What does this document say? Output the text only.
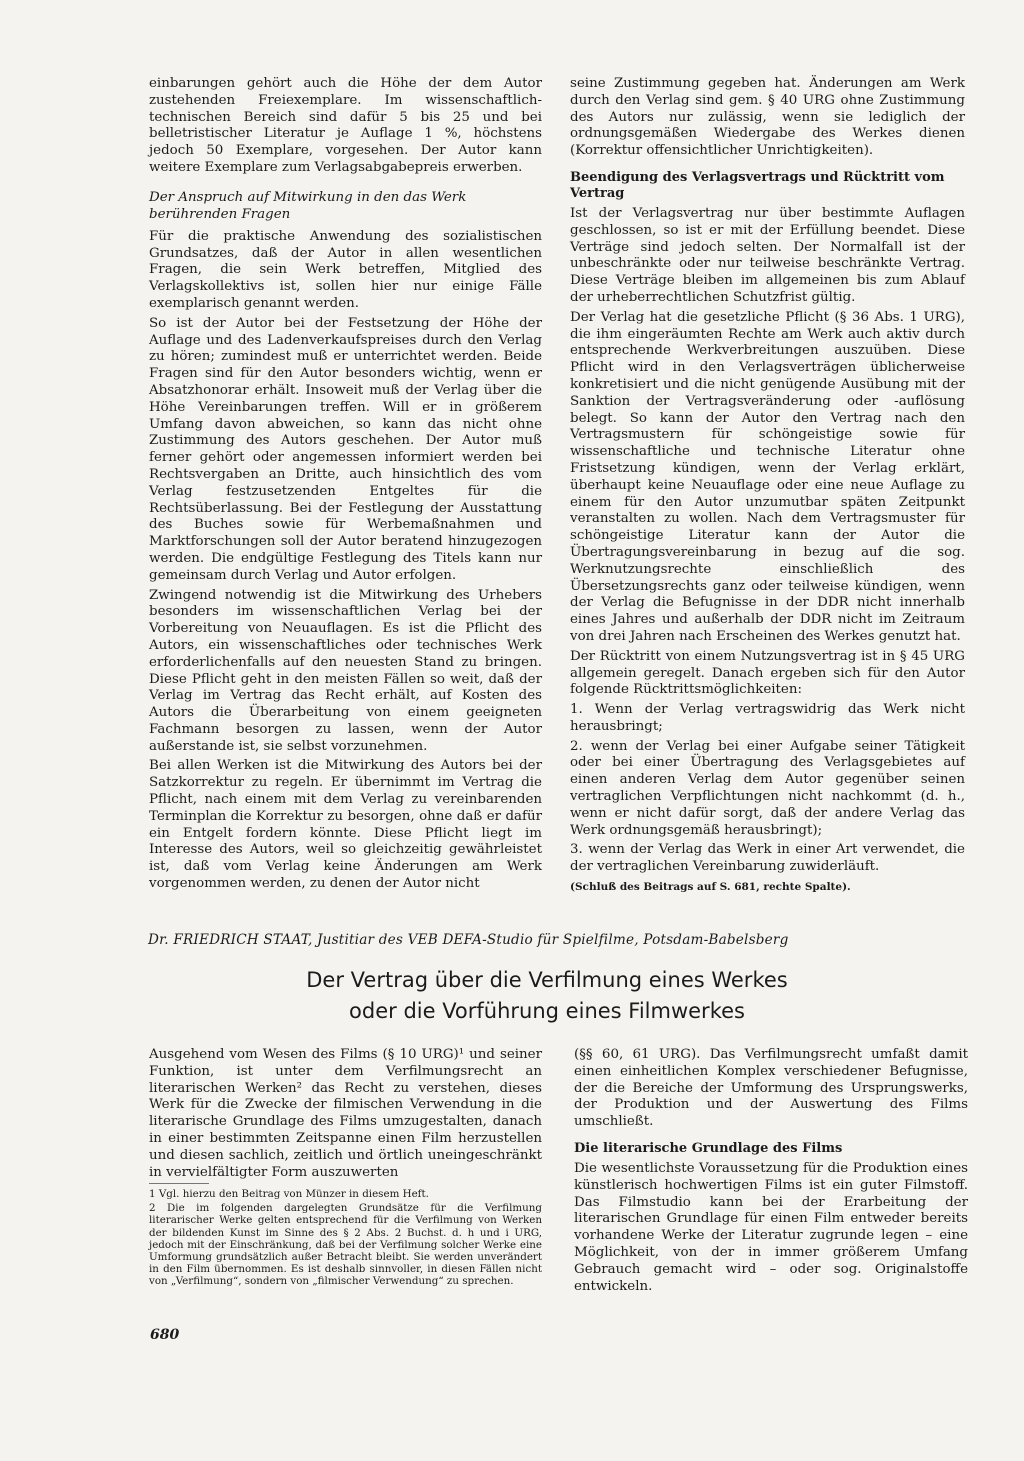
einbarungen gehört auch die Höhe der dem Autor zustehenden Freiexemplare. Im wissenschaftlich-technischen Bereich sind dafür 5 bis 25 und bei belletristischer Literatur je Auflage 1 %, höchstens jedoch 50 Exemplare, vorgesehen. Der Autor kann weitere Exemplare zum Verlagsabgabepreis erwerben.

Der Anspruch auf Mitwirkung in den das Werk berührenden Fragen

Für die praktische Anwendung des sozialistischen Grundsatzes, daß der Autor in allen wesentlichen Fragen, die sein Werk betreffen, Mitglied des Verlagskollektivs ist, sollen hier nur einige Fälle exemplarisch genannt werden.

So ist der Autor bei der Festsetzung der Höhe der Auflage und des Ladenverkaufspreises durch den Verlag zu hören; zumindest muß er unterrichtet werden. Beide Fragen sind für den Autor besonders wichtig, wenn er Absatzhonorar erhält. Insoweit muß der Verlag über die Höhe Vereinbarungen treffen. Will er in größerem Umfang davon abweichen, so kann das nicht ohne Zustimmung des Autors geschehen. Der Autor muß ferner gehört oder angemessen informiert werden bei Rechtsvergaben an Dritte, auch hinsichtlich des vom Verlag festzusetzenden Entgeltes für die Rechtsüberlassung. Bei der Festlegung der Ausstattung des Buches sowie für Werbemaßnahmen und Marktforschungen soll der Autor beratend hinzugezogen werden. Die endgültige Festlegung des Titels kann nur gemeinsam durch Verlag und Autor erfolgen.

Zwingend notwendig ist die Mitwirkung des Urhebers besonders im wissenschaftlichen Verlag bei der Vorbereitung von Neuauflagen. Es ist die Pflicht des Autors, ein wissenschaftliches oder technisches Werk erforderlichenfalls auf den neuesten Stand zu bringen. Diese Pflicht geht in den meisten Fällen so weit, daß der Verlag im Vertrag das Recht erhält, auf Kosten des Autors die Überarbeitung von einem geeigneten Fachmann besorgen zu lassen, wenn der Autor außerstande ist, sie selbst vorzunehmen.

Bei allen Werken ist die Mitwirkung des Autors bei der Satzkorrektur zu regeln. Er übernimmt im Vertrag die Pflicht, nach einem mit dem Verlag zu vereinbarenden Terminplan die Korrektur zu besorgen, ohne daß er dafür ein Entgelt fordern könnte. Diese Pflicht liegt im Interesse des Autors, weil so gleichzeitig gewährleistet ist, daß vom Verlag keine Änderungen am Werk vorgenommen werden, zu denen der Autor nicht

seine Zustimmung gegeben hat. Änderungen am Werk durch den Verlag sind gem. § 40 URG ohne Zustimmung des Autors nur zulässig, wenn sie lediglich der ordnungsgemäßen Wiedergabe des Werkes dienen (Korrektur offensichtlicher Unrichtigkeiten).

Beendigung des Verlagsvertrags und Rücktritt vom Vertrag

Ist der Verlagsvertrag nur über bestimmte Auflagen geschlossen, so ist er mit der Erfüllung beendet. Diese Verträge sind jedoch selten. Der Normalfall ist der unbeschränkte oder nur teilweise beschränkte Vertrag. Diese Verträge bleiben im allgemeinen bis zum Ablauf der urheberrechtlichen Schutzfrist gültig.

Der Verlag hat die gesetzliche Pflicht (§ 36 Abs. 1 URG), die ihm eingeräumten Rechte am Werk auch aktiv durch entsprechende Werkverbreitungen auszuüben. Diese Pflicht wird in den Verlagsverträgen üblicherweise konkretisiert und die nicht genügende Ausübung mit der Sanktion der Vertragsveränderung oder -auflösung belegt. So kann der Autor den Vertrag nach den Vertragsmustern für schöngeistige sowie für wissenschaftliche und technische Literatur ohne Fristsetzung kündigen, wenn der Verlag erklärt, überhaupt keine Neuauflage oder eine neue Auflage zu einem für den Autor unzumutbar späten Zeitpunkt veranstalten zu wollen. Nach dem Vertragsmuster für schöngeistige Literatur kann der Autor die Übertragungsvereinbarung in bezug auf die sog. Werknutzungsrechte einschließlich des Übersetzungsrechts ganz oder teilweise kündigen, wenn der Verlag die Befugnisse in der DDR nicht innerhalb eines Jahres und außerhalb der DDR nicht im Zeitraum von drei Jahren nach Erscheinen des Werkes genutzt hat.

Der Rücktritt von einem Nutzungsvertrag ist in § 45 URG allgemein geregelt. Danach ergeben sich für den Autor folgende Rücktrittsmöglichkeiten:

1. Wenn der Verlag vertragswidrig das Werk nicht herausbringt;

2. wenn der Verlag bei einer Aufgabe seiner Tätigkeit oder bei einer Übertragung des Verlagsgebietes auf einen anderen Verlag dem Autor gegenüber seinen vertraglichen Verpflichtungen nicht nachkommt (d. h., wenn er nicht dafür sorgt, daß der andere Verlag das Werk ordnungsgemäß herausbringt);

3. wenn der Verlag das Werk in einer Art verwendet, die der vertraglichen Vereinbarung zuwiderläuft.

(Schluß des Beitrags auf S. 681, rechte Spalte).

Dr. FRIEDRICH STAAT, Justitiar des VEB DEFA-Studio für Spielfilme, Potsdam-Babelsberg
Der Vertrag über die Verfilmung eines Werkes
oder die Vorführung eines Filmwerkes

Ausgehend vom Wesen des Films (§ 10 URG)¹ und seiner Funktion, ist unter dem Verfilmungsrecht an literarischen Werken² das Recht zu verstehen, dieses Werk für die Zwecke der filmischen Verwendung in die literarische Grundlage des Films umzugestalten, danach in einer bestimmten Zeitspanne einen Film herzustellen und diesen sachlich, zeitlich und örtlich uneingeschränkt in vervielfältigter Form auszuwerten

1 Vgl. hierzu den Beitrag von Münzer in diesem Heft.

2 Die im folgenden dargelegten Grundsätze für die Verfilmung literarischer Werke gelten entsprechend für die Verfilmung von Werken der bildenden Kunst im Sinne des § 2 Abs. 2 Buchst. d. h und i URG, jedoch mit der Einschränkung, daß bei der Verfilmung solcher Werke eine Umformung grundsätzlich außer Betracht bleibt. Sie werden unverändert in den Film übernommen. Es ist deshalb sinnvoller, in diesen Fällen nicht von „Verfilmung“, sondern von „filmischer Verwendung“ zu sprechen.

(§§ 60, 61 URG). Das Verfilmungsrecht umfaßt damit einen einheitlichen Komplex verschiedener Befugnisse, der die Bereiche der Umformung des Ursprungswerks, der Produktion und der Auswertung des Films umschließt.

Die literarische Grundlage des Films

Die wesentlichste Voraussetzung für die Produktion eines künstlerisch hochwertigen Films ist ein guter Filmstoff. Das Filmstudio kann bei der Erarbeitung der literarischen Grundlage für einen Film entweder bereits vorhandene Werke der Literatur zugrunde legen – eine Möglichkeit, von der in immer größerem Umfang Gebrauch gemacht wird – oder sog. Originalstoffe entwickeln.

680
